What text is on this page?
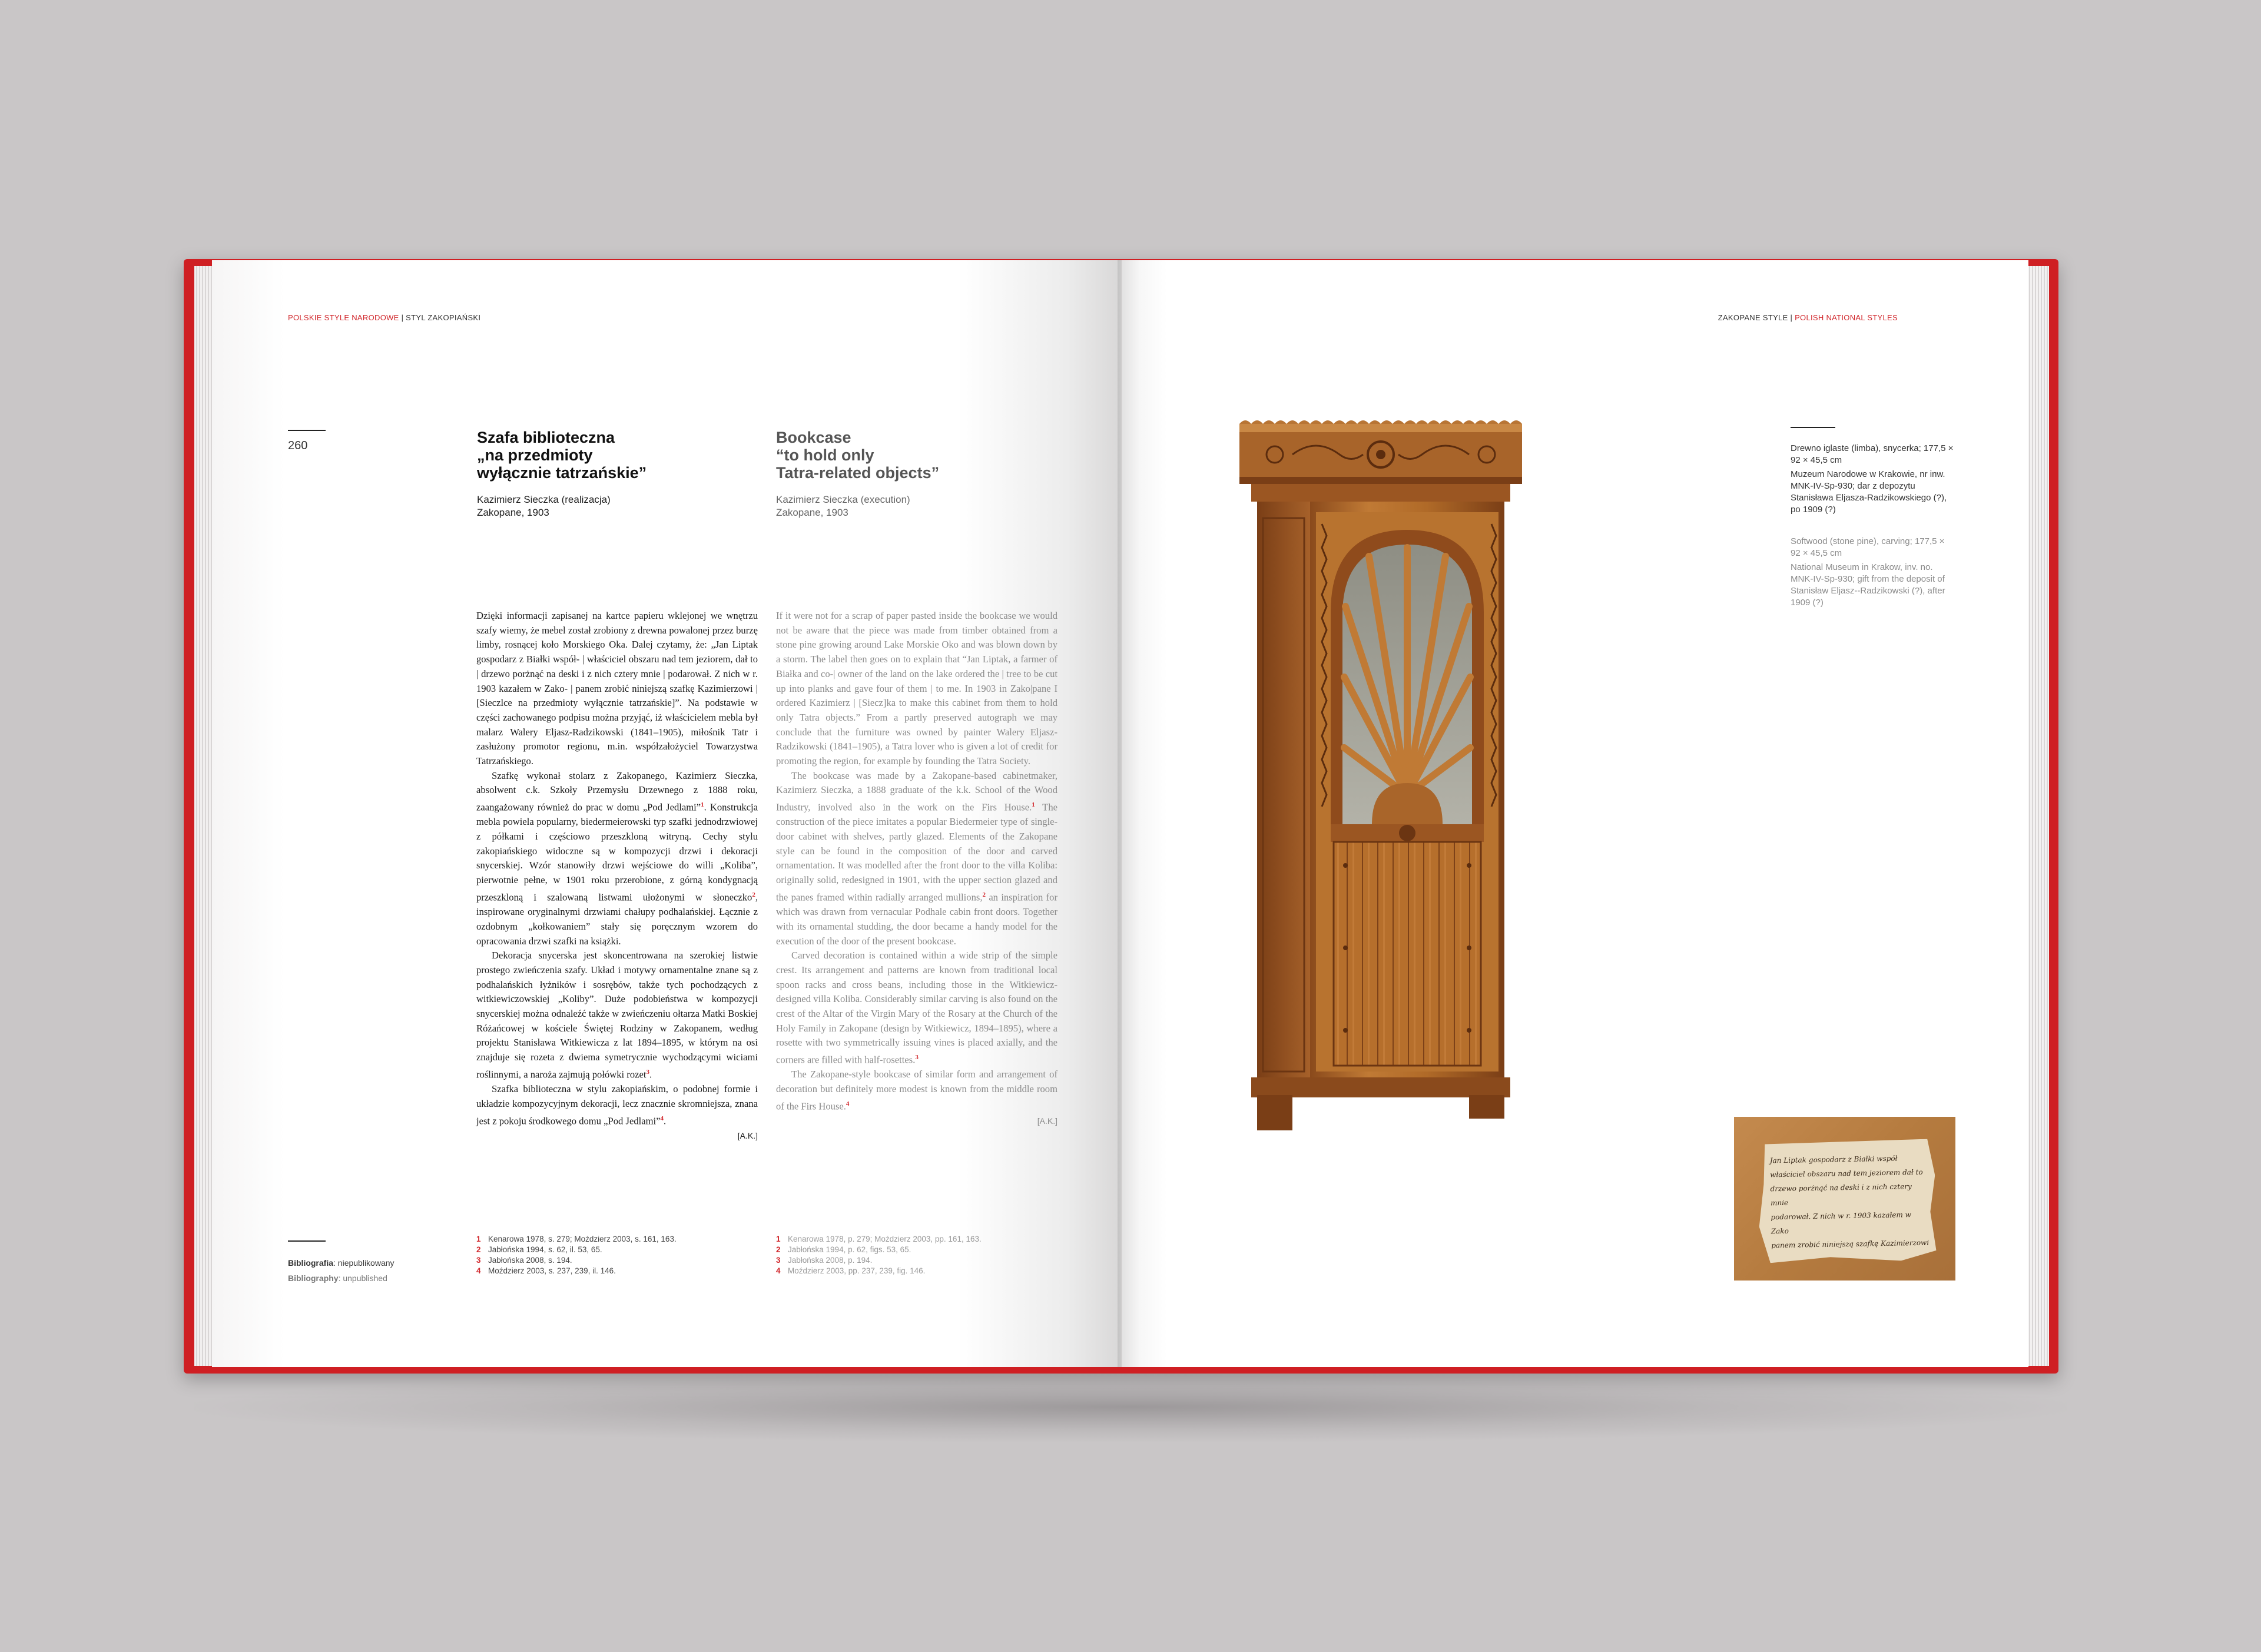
POLSKIE STYLE NARODOWE | STYL ZAKOPIAŃSKI
260	Szafa biblioteczna
„na przedmioty
wyłącznie tatrzańskie”
Kazimierz Sieczka (realizacja)
Zakopane, 1903
Bookcase
“to hold only
Tatra-related objects”
Kazimierz Sieczka (execution)
Zakopane, 1903

Dzięki informacji zapisanej na kartce papieru wklejonej we wnętrzu szafy wiemy, że mebel został zrobiony z drewna powalonej przez burzę limby, rosnącej koło Morskiego Oka. Dalej czytamy, że: „Jan Liptak gospodarz z Białki współ- | właściciel obszaru nad tem jeziorem, dał to | drzewo porżnąć na deski i z nich cztery mnie | podarował. Z nich w r. 1903 kazałem w Zako- | panem zrobić niniejszą szafkę Kazimierzowi | [Sieczlce na przedmioty wyłącznie tatrzańskie]”. Na podstawie w części zachowanego podpisu można przyjąć, iż właścicielem mebla był malarz Walery Eljasz-Radzikowski (1841–1905), miłośnik Tatr i zasłużony promotor regionu, m.in. współzałożyciel Towarzystwa Tatrzańskiego.

Szafkę wykonał stolarz z Zakopanego, Kazimierz Sieczka, absolwent c.k. Szkoły Przemysłu Drzewnego z 1888 roku, zaangażowany również do prac w domu „Pod Jedlami”$^1$. Konstrukcja mebla powiela popularny, biedermeierowski typ szafki jednodrzwiowej z półkami i częściowo przeszkloną witryną. Cechy stylu zakopiańskiego widoczne są w kompozycji drzwi i dekoracji snycerskiej. Wzór stanowiły drzwi wejściowe do willi „Koliba”, pierwotnie pełne, w 1901 roku przerobione, z górną kondygnacją przeszkloną i szalowaną listwami ułożonymi w słoneczko$^2$, inspirowane oryginalnymi drzwiami chałupy podhalańskiej. Łącznie z ozdobnym „kołkowaniem” stały się poręcznym wzorem do opracowania drzwi szafki na książki.

Dekoracja snycerska jest skoncentrowana na szerokiej listwie prostego zwieńczenia szafy. Układ i motywy ornamentalne znane są z podhalańskich łyżników i sosrębów, także tych pochodzących z witkiewiczowskiej „Koliby”. Duże podobieństwa w kompozycji snycerskiej można odnaleźć także w zwieńczeniu ołtarza Matki Boskiej Różańcowej w kościele Świętej Rodziny w Zakopanem, według projektu Stanisława Witkiewicza z lat 1894–1895, w którym na osi znajduje się rozeta z dwiema symetrycznie wychodzącymi wiciami roślinnymi, a naroża zajmują połówki rozet$^3$.

Szafka biblioteczna w stylu zakopiańskim, o podobnej formie i układzie kompozycyjnym dekoracji, lecz znacznie skromniejsza, znana jest z pokoju środkowego domu „Pod Jedlami”$^4$.

[A.K.]

If it were not for a scrap of paper pasted inside the bookcase we would not be aware that the piece was made from timber obtained from a stone pine growing around Lake Morskie Oko and was blown down by a storm. The label then goes on to explain that “Jan Liptak, a farmer of Białka and co-| owner of the land on the lake ordered the | tree to be cut up into planks and gave four of them | to me. In 1903 in Zako|pane I ordered Kazimierz | [Siecz]ka to make this cabinet from them to hold only Tatra objects.” From a partly preserved autograph we may conclude that the furniture was owned by painter Walery Eljasz-Radzikowski (1841–1905), a Tatra lover who is given a lot of credit for promoting the region, for example by founding the Tatra Society.

The bookcase was made by a Zakopane-based cabinetmaker, Kazimierz Sieczka, a 1888 graduate of the k.k. School of the Wood Industry, involved also in the work on the Firs House.$^1$ The construction of the piece imitates a popular Biedermeier type of single-door cabinet with shelves, partly glazed. Elements of the Zakopane style can be found in the composition of the door and carved ornamentation. It was modelled after the front door to the villa Koliba: originally solid, redesigned in 1901, with the upper section glazed and the panes framed within radially arranged mullions,$^2$ an inspiration for which was drawn from vernacular Podhale cabin front doors. Together with its ornamental studding, the door became a handy model for the execution of the door of the present bookcase.

Carved decoration is contained within a wide strip of the simple crest. Its arrangement and patterns are known from traditional local spoon racks and cross beans, including those in the Witkiewicz-designed villa Koliba. Considerably similar carving is also found on the crest of the Altar of the Virgin Mary of the Rosary at the Church of the Holy Family in Zakopane (design by Witkiewicz, 1894–1895), where a rosette with two symmetrically issuing vines is placed axially, and the corners are filled with half-rosettes.$^3$

The Zakopane-style bookcase of similar form and arrangement of decoration but definitely more modest is known from the middle room of the Firs House.$^4$

[A.K.]
Bibliografia: niepublikowany
Bibliography: unpublished
1 Kenarowa 1978, s. 279; Moździerz 2003, s. 161, 163.
2 Jabłońska 1994, s. 62, il. 53, 65.
3 Jabłońska 2008, s. 194.
4 Moździerz 2003, s. 237, 239, il. 146.
1 Kenarowa 1978, p. 279; Moździerz 2003, pp. 161, 163.
2 Jabłońska 1994, p. 62, figs. 53, 65.
3 Jabłońska 2008, p. 194.
4 Moździerz 2003, pp. 237, 239, fig. 146.
ZAKOPANE STYLE | POLISH NATIONAL STYLES

Drewno iglaste (limba), snycerka; 177,5 × 92 × 45,5 cm

Muzeum Narodowe w Krakowie, nr inw. MNK-IV-Sp-930; dar z depozytu Stanisława Eljasza-Radzikowskiego (?), po 1909 (?)

Softwood (stone pine), carving; 177,5 × 92 × 45,5 cm

National Museum in Krakow, inv. no. MNK-IV-Sp-930; gift from the deposit of Stanisław Eljasz--Radzikowski (?), after 1909 (?)

Jan Liptak gospodarz z Białki współ
właściciel obszaru nad tem jeziorem dał to
drzewo porżnąć na deski i z nich cztery mnie
podarował. Z nich w r. 1903 kazałem w Zako
panem zrobić niniejszą szafkę Kazimierzowi
